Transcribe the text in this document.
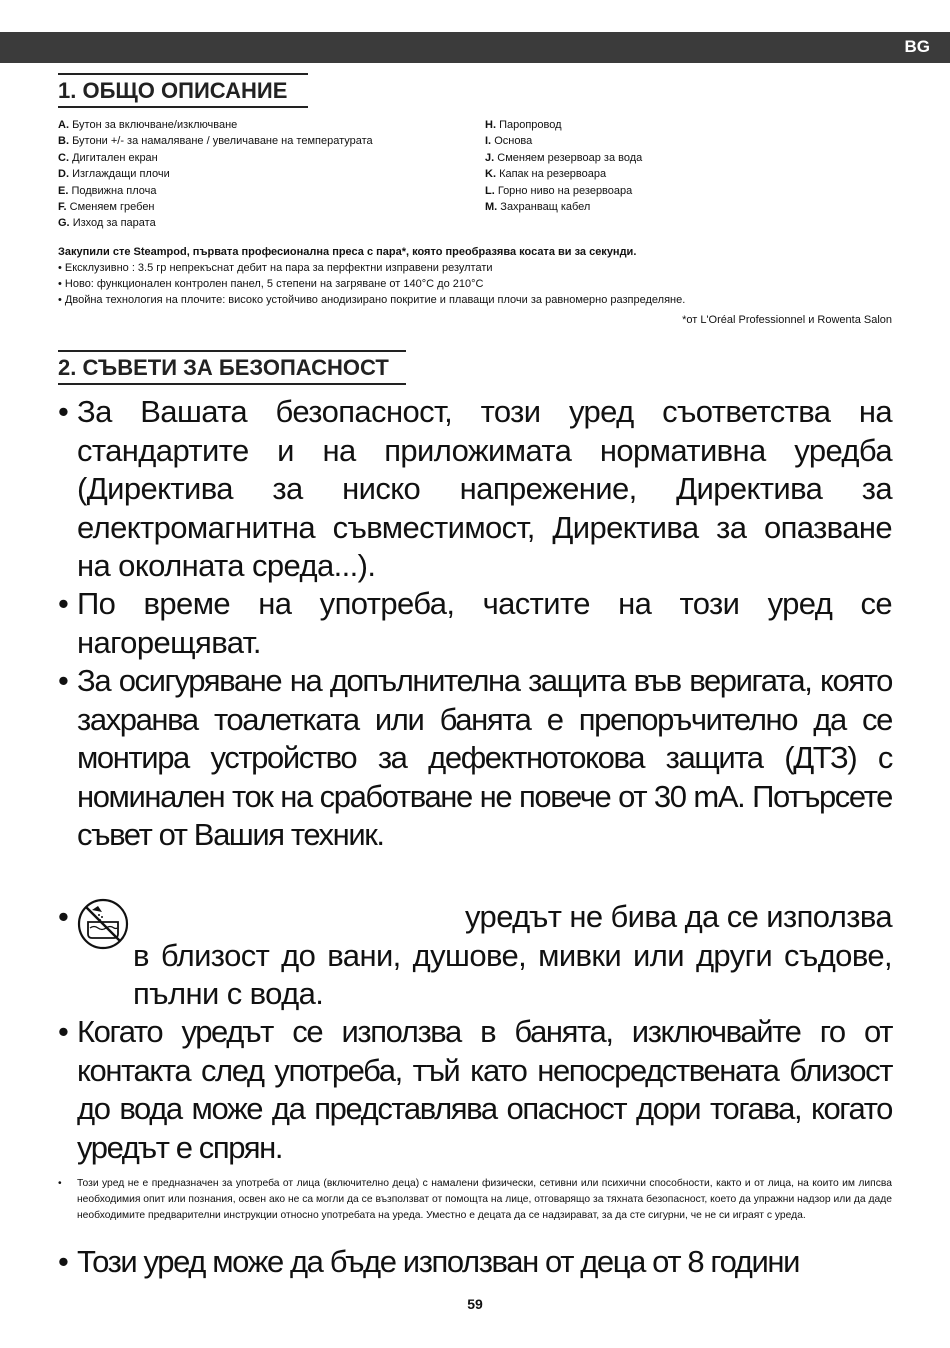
BG
1. ОБЩО ОПИСАНИЕ
A. Бутон за включване/изключване
B. Бутони +/- за намаляване / увеличаване на температурата
C. Дигитален екран
D. Изглаждащи плочи
E. Подвижна плоча
F. Сменяем гребен
G. Изход за парата
H. Паропровод
I. Основа
J. Сменяем резервоар за вода
K. Капак на резервоара
L. Горно ниво на резервоара
M. Захранващ кабел
Закупили сте Steampod, първата професионална преса с пара*, която преобразява косата ви за секунди.
• Ексклузивно : 3.5 гр непрекъснат дебит на пара за перфектни изправени резултати
• Ново: функционален контролен панел, 5 степени на загряване от 140°C до 210°C
• Двойна технология на плочите: високо устойчиво анодизирано покритие и плаващи плочи за равномерно разпределяне.
*от L'Oréal Professionnel и Rowenta Salon
2. СЪВЕТИ ЗА БЕЗОПАСНОСТ
• За Вашата безопасност, този уред съответства на стандартите и на приложимата нормативна уредба (Директива за ниско напрежение, Директива за електромагнитна съвместимост, Директива за опазване на околната среда...).
• По време на употреба, частите на този уред се нагорещяват.
• За осигуряване на допълнителна защита във веригата, която захранва тоалетката или банята е препоръчително да се монтира устройство за дефектнотокова защита (ДТЗ) с номинален ток на сработване не повече от 30 mA. Потърсете съвет от Вашия техник.
•	уредът не бива да се използва в близост до вани, душове, мивки или други съдове, пълни с вода.
• Когато уредът се използва в банята, изключвайте го от контакта след употреба, тъй като непосредствената близост до вода може да представлява опасност дори тогава, когато уредът е спрян.
• Този уред не е предназначен за употреба от лица (включително деца) с намалени физически, сетивни или психични способности, както и от лица, на които им липсва необходимия опит или познания, освен ако не са могли да се възползват от помощта на лице, отговарящо за тяхната безопасност, което да упражни надзор или да даде необходимите предварителни инструкции относно употребата на уреда. Уместно е децата да се надзирават, за да сте сигурни, че не си играят с уреда.
• Този уред може да бъде използван от деца от 8 години
59
